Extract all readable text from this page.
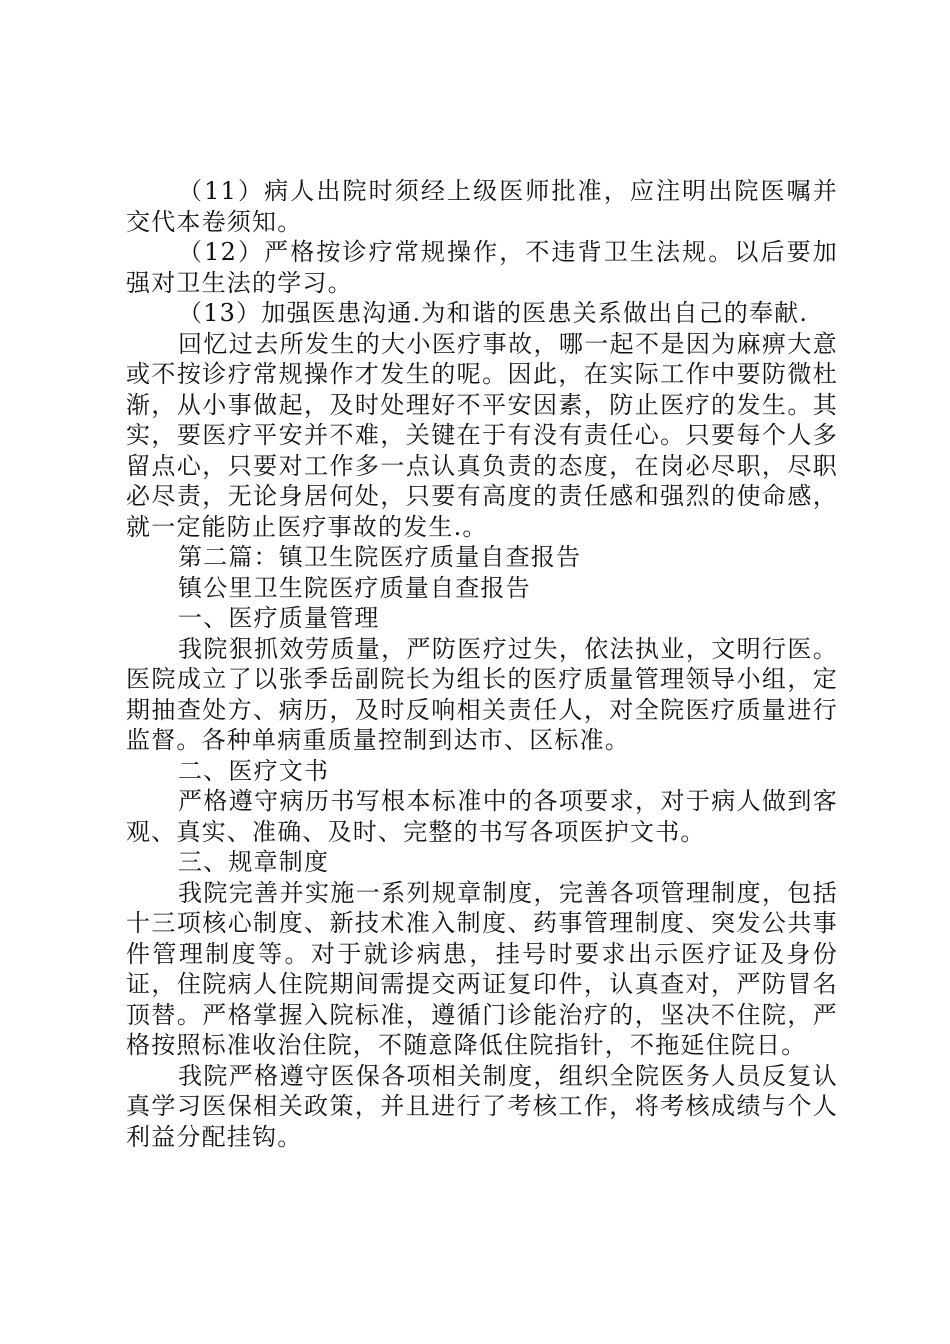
（11）病人出院时须经上级医师批准，应注明出院医嘱并交代本卷须知。

（12）严格按诊疗常规操作，不违背卫生法规。以后要加强对卫生法的学习。

（13）加强医患沟通.为和谐的医患关系做出自己的奉献.

回忆过去所发生的大小医疗事故，哪一起不是因为麻痹大意或不按诊疗常规操作才发生的呢。因此，在实际工作中要防微杜渐，从小事做起，及时处理好不平安因素，防止医疗的发生。其实，要医疗平安并不难，关键在于有没有责任心。只要每个人多留点心，只要对工作多一点认真负责的态度，在岗必尽职，尽职必尽责，无论身居何处，只要有高度的责任感和强烈的使命感，就一定能防止医疗事故的发生.。

第二篇：镇卫生院医疗质量自查报告

镇公里卫生院医疗质量自查报告

一、医疗质量管理

我院狠抓效劳质量，严防医疗过失，依法执业，文明行医。医院成立了以张季岳副院长为组长的医疗质量管理领导小组，定期抽查处方、病历，及时反响相关责任人，对全院医疗质量进行监督。各种单病重质量控制到达市、区标准。

二、医疗文书

严格遵守病历书写根本标准中的各项要求，对于病人做到客观、真实、准确、及时、完整的书写各项医护文书。

三、规章制度

我院完善并实施一系列规章制度，完善各项管理制度，包括十三项核心制度、新技术准入制度、药事管理制度、突发公共事件管理制度等。对于就诊病患，挂号时要求出示医疗证及身份证，住院病人住院期间需提交两证复印件，认真查对，严防冒名顶替。严格掌握入院标准，遵循门诊能治疗的，坚决不住院，严格按照标准收治住院，不随意降低住院指针，不拖延住院日。

我院严格遵守医保各项相关制度，组织全院医务人员反复认真学习医保相关政策，并且进行了考核工作，将考核成绩与个人利益分配挂钩。
